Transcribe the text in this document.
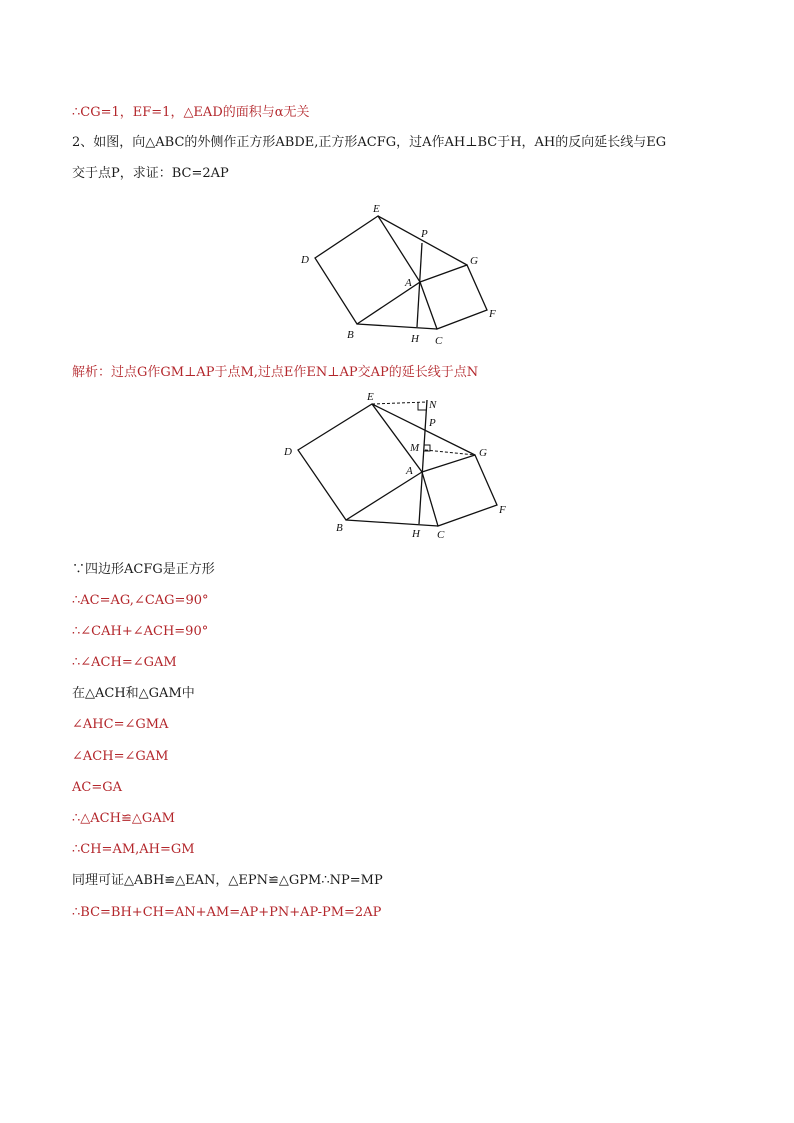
∴CG=1，EF=1，△EAD的面积与α无关

2、如图，向△ABC的外侧作正方形ABDE,正方形ACFG，过A作AH⊥BC于H，AH的反向延长线与EG

交于点P，求证：BC=2AP

E
P
D	G
A
F
B	H C

解析：过点G作GM⊥AP于点M,过点E作EN⊥AP交AP的延长线于点N

E
N
P
M
D	G
A
F
B	H C

∵四边形ACFG是正方形

∴AC=AG,∠CAG=90°

∴∠CAH+∠ACH=90°

∴∠ACH=∠GAM

在△ACH和△GAM中

∠AHC=∠GMA

∠ACH=∠GAM

AC=GA

∴△ACH≌△GAM

∴CH=AM,AH=GM

同理可证△ABH≌△EAN，△EPN≌△GPM∴NP=MP

∴BC=BH+CH=AN+AM=AP+PN+AP-PM=2AP
